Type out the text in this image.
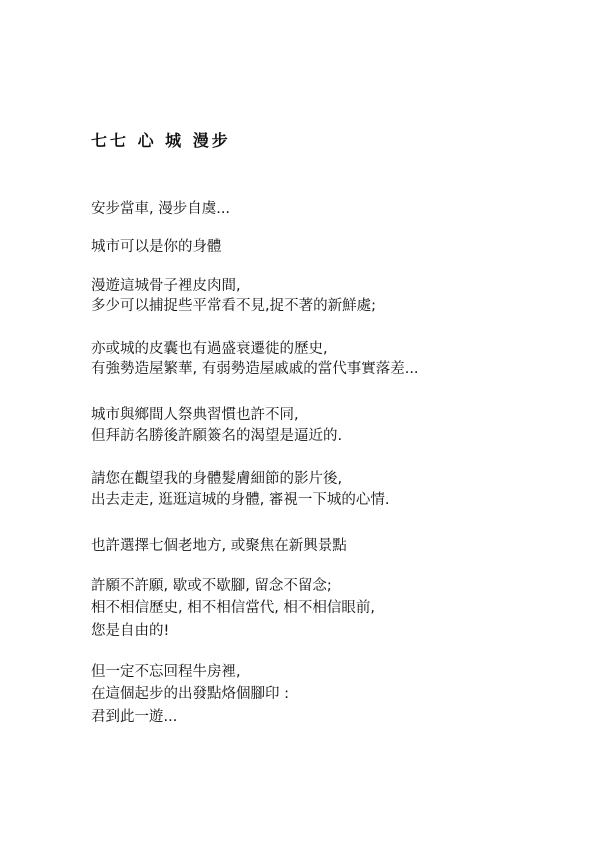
七七 心 城 漫步
安步當車, 漫步自虞...
城市可以是你的身體
漫遊這城骨子裡皮肉間,
多少可以捕捉些平常看不見,捉不著的新鮮處;
亦或城的皮囊也有過盛衰遷徙的歷史,
有強勢造屋繁華, 有弱勢造屋戚戚的當代事實落差...
城市與鄉間人祭典習慣也許不同,
但拜訪名勝後許願簽名的渴望是逼近的.
請您在觀望我的身體髮膚細節的影片後,
出去走走, 逛逛這城的身體, 審視一下城的心情.
也許選擇七個老地方, 或聚焦在新興景點
許願不許願, 歇或不歇腳, 留念不留念;
相不相信歷史, 相不相信當代, 相不相信眼前,
您是自由的!
但一定不忘回程牛房裡,
在這個起步的出發點烙個腳印 :
君到此一遊...
